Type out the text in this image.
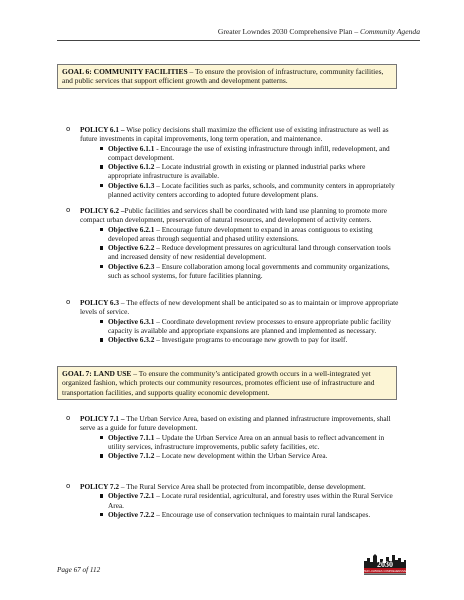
Greater Lowndes 2030 Comprehensive Plan – Community Agenda
GOAL 6: COMMUNITY FACILITIES – To ensure the provision of infrastructure, community facilities, and public services that support efficient growth and development patterns.
o POLICY 6.1 – Wise policy decisions shall maximize the efficient use of existing infrastructure as well as future investments in capital improvements, long term operation, and maintenance.

Objective 6.1.1 - Encourage the use of existing infrastructure through infill, redevelopment, and compact development.
Objective 6.1.2 – Locate industrial growth in existing or planned industrial parks where appropriate infrastructure is available.
Objective 6.1.3 – Locate facilities such as parks, schools, and community centers in appropriately planned activity centers according to adopted future development plans.
o POLICY 6.2 –Public facilities and services shall be coordinated with land use planning to promote more compact urban development, preservation of natural resources, and development of activity centers.

Objective 6.2.1 – Encourage future development to expand in areas contiguous to existing developed areas through sequential and phased utility extensions.
Objective 6.2.2 – Reduce development pressures on agricultural land through conservation tools and increased density of new residential development.
Objective 6.2.3 – Ensure collaboration among local governments and community organizations, such as school systems, for future facilities planning.
o POLICY 6.3 – The effects of new development shall be anticipated so as to maintain or improve appropriate levels of service.

Objective 6.3.1 – Coordinate development review processes to ensure appropriate public facility capacity is available and appropriate expansions are planned and implemented as necessary.
Objective 6.3.2 – Investigate programs to encourage new growth to pay for itself.
GOAL 7: LAND USE – To ensure the community’s anticipated growth occurs in a well-integrated yet organized fashion, which protects our community resources, promotes efficient use of infrastructure and transportation facilities, and supports quality economic development.
o POLICY 7.1 – The Urban Service Area, based on existing and planned infrastructure improvements, shall serve as a guide for future development.

Objective 7.1.1 – Update the Urban Service Area on an annual basis to reflect advancement in utility services, infrastructure improvements, public safety facilities, etc.
Objective 7.1.2 – Locate new development within the Urban Service Area.
o POLICY 7.2 – The Rural Service Area shall be protected from incompatible, dense development.

Objective 7.2.1 – Locate rural residential, agricultural, and forestry uses within the Rural Service Area.
Objective 7.2.2 – Encourage use of conservation techniques to maintain rural landscapes.
Page 67 of 112
2030
GREATER LOWNDES COMPREHENSIVE PLAN
